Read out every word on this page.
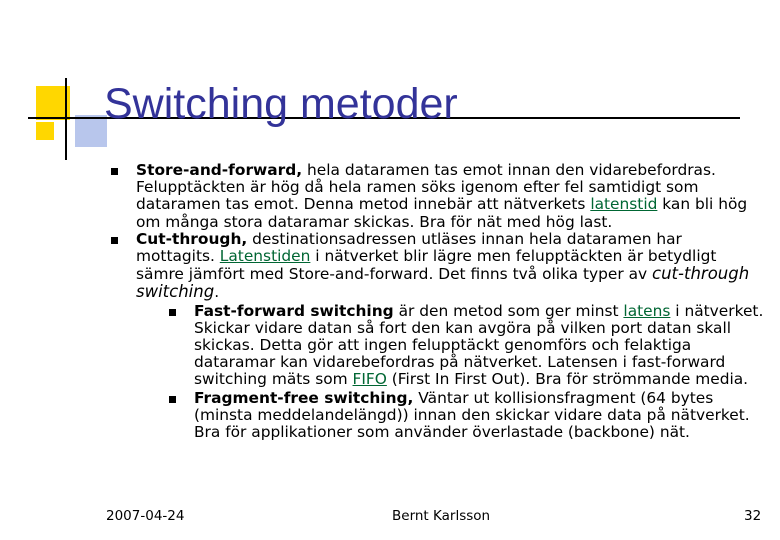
Switching metoder
Store-and-forward, hela dataramen tas emot innan den vidarebefordras. Felupptäckten är hög då hela ramen söks igenom efter fel samtidigt som dataramen tas emot. Denna metod innebär att nätverkets latenstid kan bli hög om många stora dataramar skickas. Bra för nät med hög last.
Cut-through, destinationsadressen utläses innan hela dataramen har mottagits. Latenstiden i nätverket blir lägre men felupptäckten är betydligt sämre jämfört med Store-and-forward. Det finns två olika typer av cut-through switching.
Fast-forward switching är den metod som ger minst latens i nätverket. Skickar vidare datan så fort den kan avgöra på vilken port datan skall skickas. Detta gör att ingen felupptäckt genomförs och felaktiga dataramar kan vidarebefordras på nätverket. Latensen i fast-forward switching mäts som FIFO (First In First Out). Bra för strömmande media.
Fragment-free switching, Väntar ut kollisionsfragment (64 bytes (minsta meddelandelängd)) innan den skickar vidare data på nätverket. Bra för applikationer som använder överlastade (backbone) nät.
2007-04-24	Bernt Karlsson	32
